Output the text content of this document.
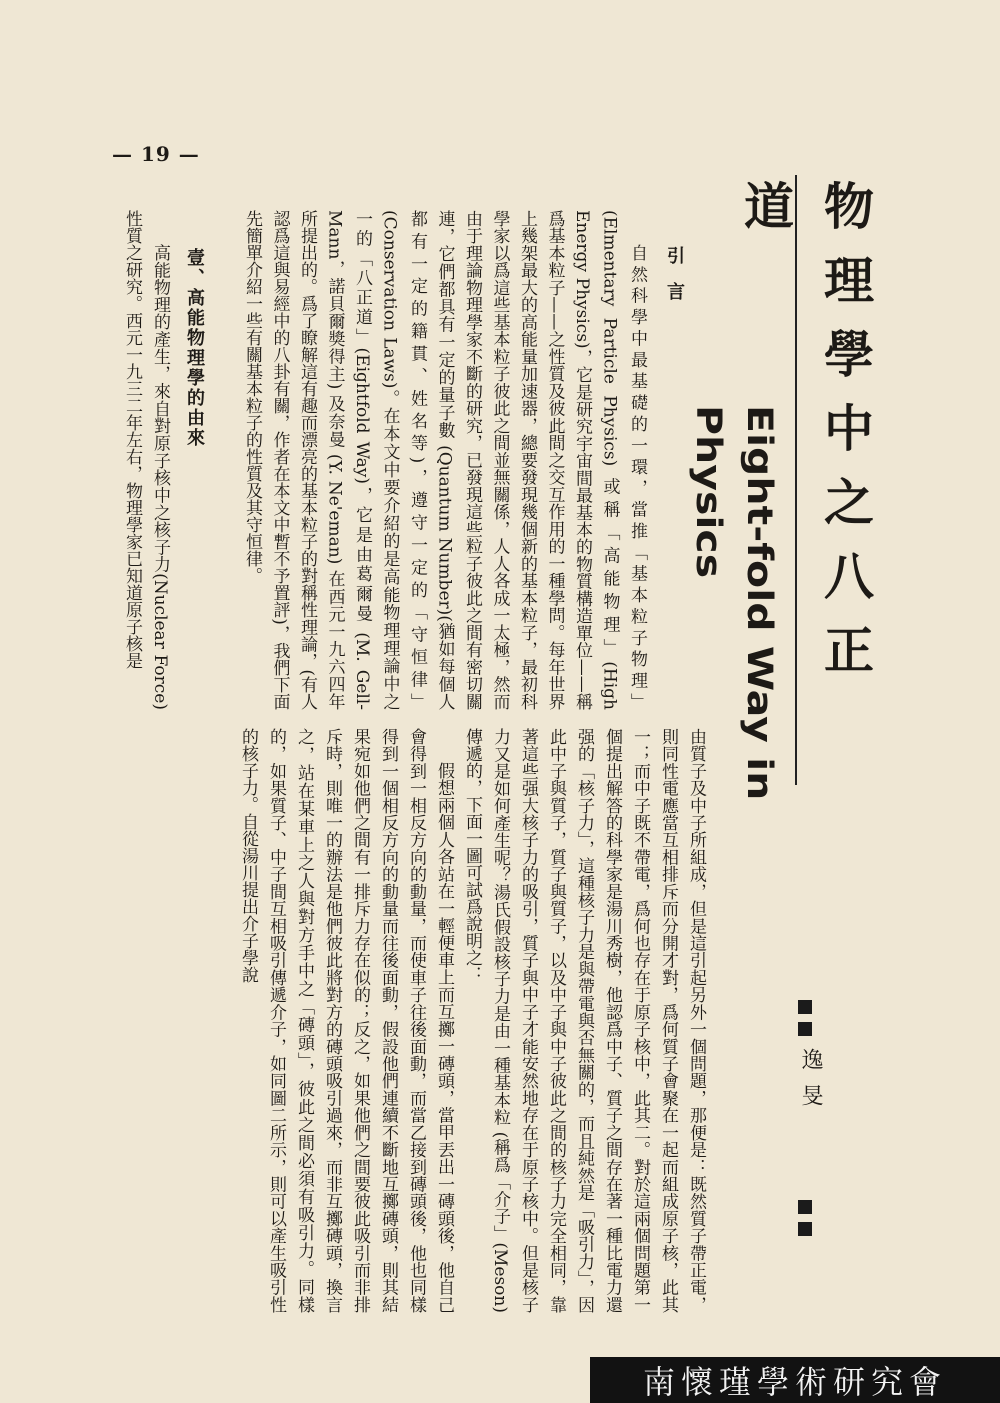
— 19 —
物理學中之八正道
Eight-fold Way in Physics
逸旻
引言
自然科學中最基礎的一環，當推「基本粒子物理」(Elmentary Particle Physics) 或稱「高能物理」(High Energy Physics)，它是研究宇宙間最基本的物質構造單位——稱爲基本粒子——之性質及彼此間之交互作用的一種學問。每年世界上幾架最大的高能量加速器，總要發現幾個新的基本粒子，最初科學家以爲這些基本粒子彼此之間並無關係，人人各成一太極，然而由于理論物理學家不斷的研究，已發現這些粒子彼此之間有密切關連，它們都具有一定的量子數 (Quantum Number)(猶如每個人都有一定的籍貫、姓名等)，遵守一定的「守恒律」(Conservation Laws)。在本文中要介紹的是高能物理理論中之一的「八正道」(Eightfold Way)，它是由葛爾曼 (M. Gell-Mann，諾貝爾獎得主) 及奈曼 (Y. Ne'eman) 在西元一九六四年所提出的。爲了瞭解這有趣而漂亮的基本粒子的對稱性理論，(有人認爲這與易經中的八卦有關，作者在本文中暫不予置評)，我們下面先簡單介紹一些有關基本粒子的性質及其守恒律。
壹、高能物理學的由來
高能物理的產生，來自對原子核中之核子力(Nuclear Force) 性質之研究。西元一九三二年左右，物理學家已知道原子核是

由質子及中子所組成，但是這引起另外一個問題，那便是：既然質子帶正電，則同性電應當互相排斥而分開才對，爲何質子會聚在一起而組成原子核，此其一；而中子既不帶電，爲何也存在于原子核中，此其二。對於這兩個問題第一個提出解答的科學家是湯川秀樹，他認爲中子、質子之間存在著一種比電力還强的「核子力」，這種核子力是與帶電與否無關的，而且純然是「吸引力」，因此中子與質子，質子與質子，以及中子與中子彼此之間的核子力完全相同，靠著這些强大核子力的吸引，質子與中子才能安然地存在于原子核中。但是核子力又是如何產生呢？湯氏假設核子力是由一種基本粒 (稱爲「介子」(Meson) 傳遞的，下面一圖可試爲說明之：

假想兩個人各站在一輕便車上而互擲一磚頭，當甲丟出一磚頭後，他自己會得到一相反方向的動量，而使車子往後面動，而當乙接到磚頭後，他也同樣得到一個相反方向的動量而往後面動，假設他們連續不斷地互擲磚頭，則其結果宛如他們之間有一排斥力存在似的；反之，如果他們之間要彼此吸引而非排斥時，則唯一的辦法是他們彼此將對方的磚頭吸引過來，而非互擲磚頭，換言之，站在某車上之人與對方手中之「磚頭」，彼此之間必須有吸引力。同樣的，如果質子、中子間互相吸引傳遞介子，如同圖二所示，則可以產生吸引性的核子力。自從湯川提出介子學說

南懷瑾學術研究會
